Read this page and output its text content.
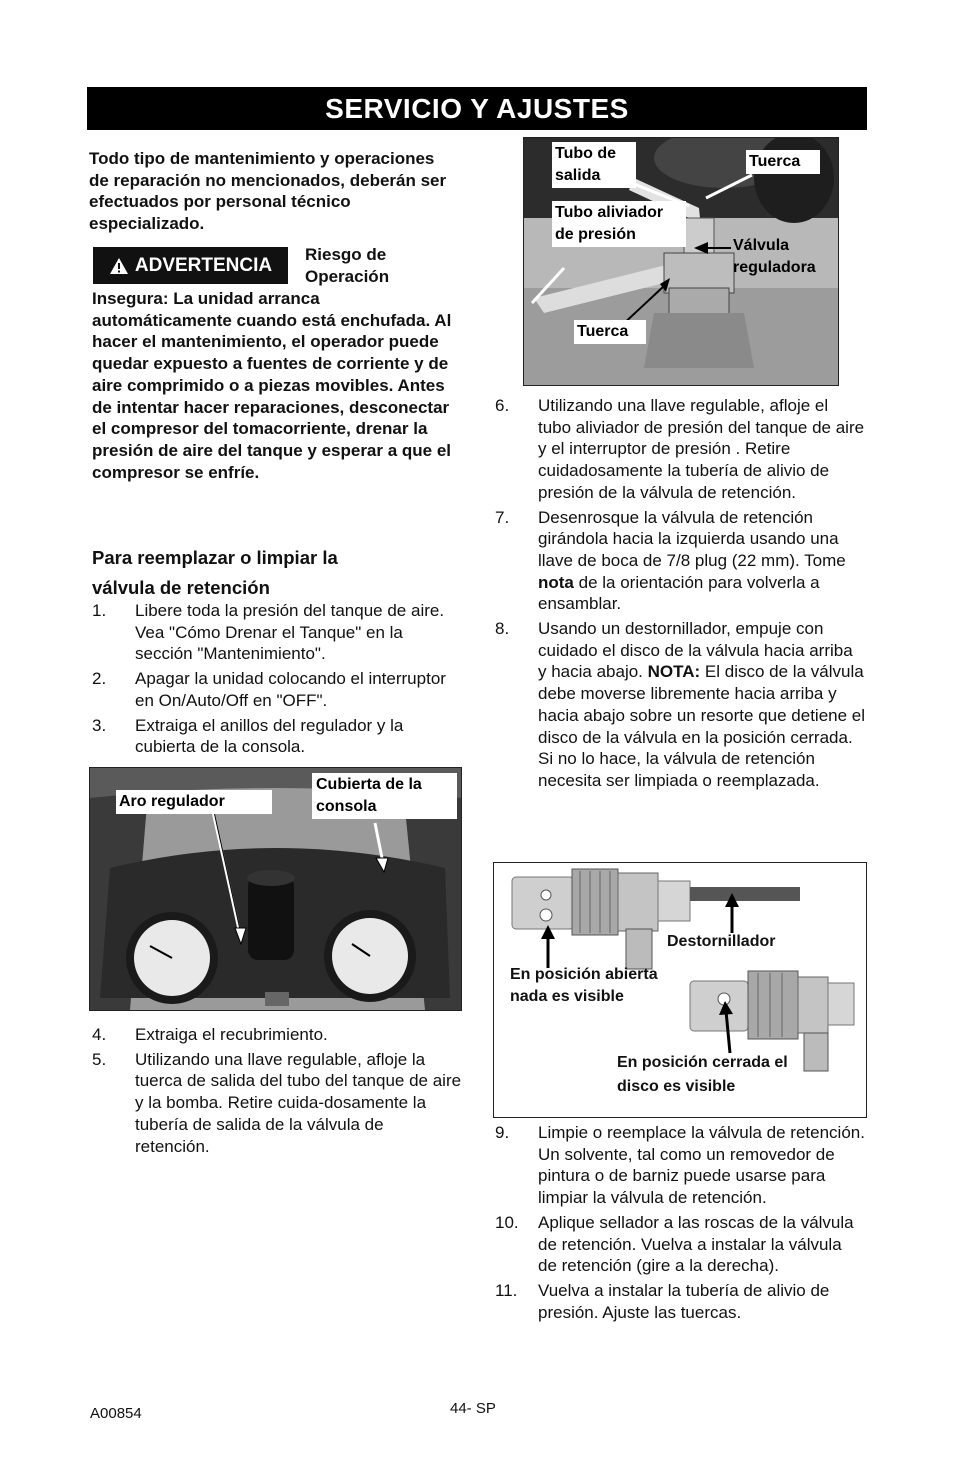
SERVICIO Y AJUSTES
Todo tipo de mantenimiento y operaciones de reparación no mencionados, deberán ser efectuados por personal técnico especializado.
ADVERTENCIA Riesgo de
Operación
Insegura: La unidad arranca automáticamente cuando está enchufada. Al hacer el mantenimiento, el operador puede quedar expuesto a fuentes de corriente y de aire comprimido o a piezas movibles. Antes de intentar hacer reparaciones, desconectar el compresor del tomacorriente, drenar la presión de aire del tanque y esperar a que el compresor se enfríe.
Para reemplazar o limpiar la
válvula de retención
1. Libere toda la presión del tanque de aire. Vea "Cómo Drenar el Tanque" en la sección "Mantenimiento".
2. Apagar la unidad colocando el interruptor en On/Auto/Off en "OFF".
3. Extraiga el anillos del regulador y la cubierta de la consola.
Aro regulador
Cubierta de la consola
4. Extraiga el recubrimiento.
5. Utilizando una llave regulable, afloje la tuerca de salida del tubo del tanque de aire y la bomba. Retire cuida-dosamente la tubería de salida de la válvula de retención.
Tubo de salida
Tuerca
Tubo aliviador de presión
Válvula reguladora
Tuerca
6. Utilizando una llave regulable, afloje el tubo aliviador de presión del tanque de aire y el interruptor de presión . Retire cuidadosamente la tubería de alivio de presión de la válvula de retención.
7. Desenrosque la válvula de retención girándola hacia la izquierda usando una llave de boca de 7/8 plug (22 mm). Tome nota de la orientación para volverla a ensamblar.
8. Usando un destornillador, empuje con cuidado el disco de la válvula hacia arriba y hacia abajo. NOTA: El disco de la válvula debe moverse libremente hacia arriba y hacia abajo sobre un resorte que detiene el disco de la válvula en la posición cerrada. Si no lo hace, la válvula de retención necesita ser limpiada o reemplazada.
Destornillador
En posición abierta nada es visible
En posición cerrada el disco es visible
9. Limpie o reemplace la válvula de retención. Un solvente, tal como un removedor de pintura o de barniz puede usarse para limpiar la válvula de retención.
10. Aplique sellador a las roscas de la válvula de retención. Vuelva a instalar la válvula de retención (gire a la derecha).
11. Vuelva a instalar la tubería de alivio de presión. Ajuste las tuercas.
A00854	44- SP
